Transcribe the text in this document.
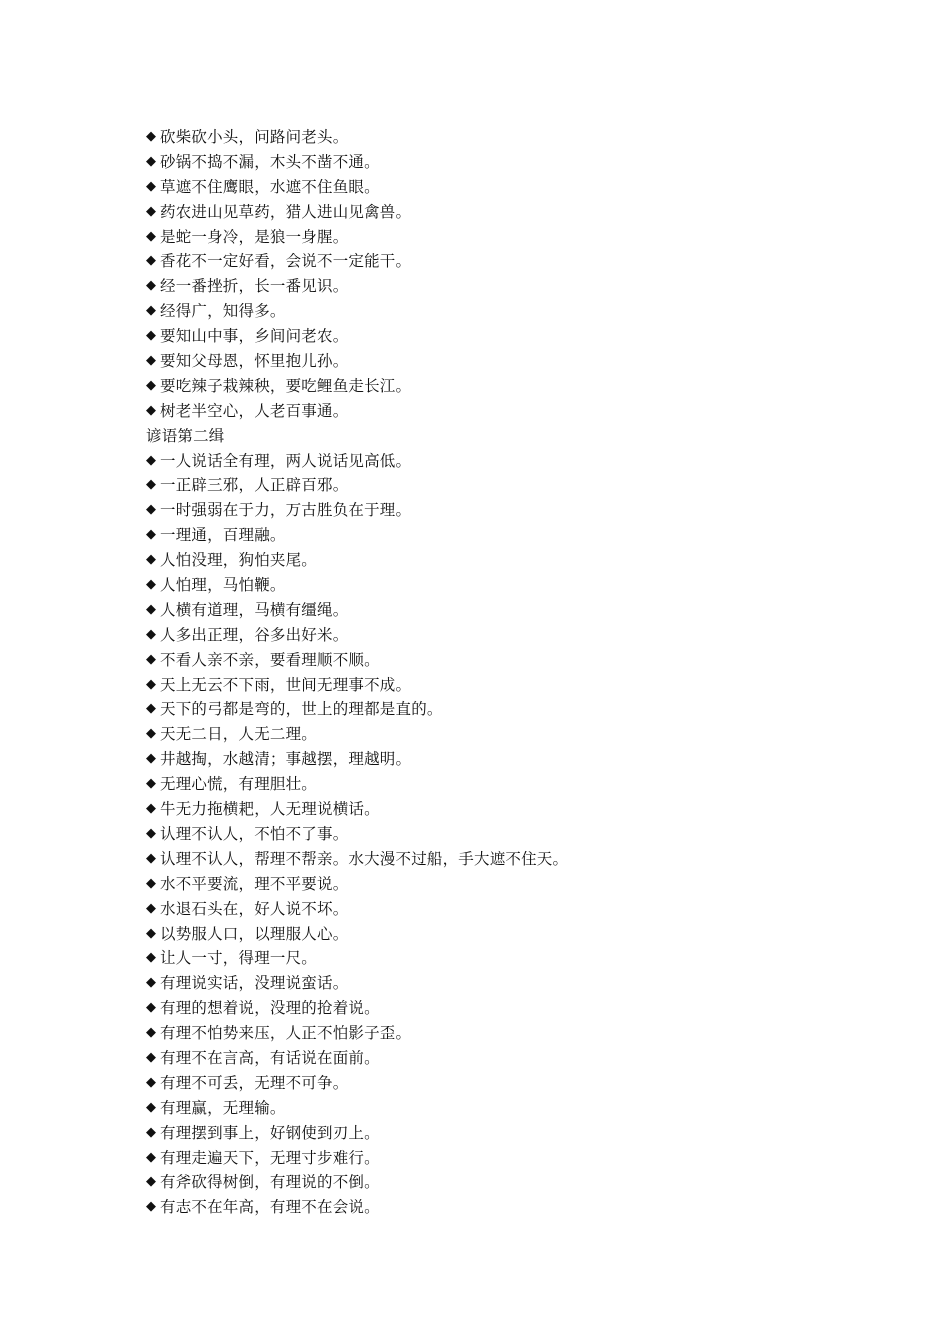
◆ 砍柴砍小头，问路问老头。
◆ 砂锅不捣不漏，木头不凿不通。
◆ 草遮不住鹰眼，水遮不住鱼眼。
◆ 药农进山见草药，猎人进山见禽兽。
◆ 是蛇一身冷，是狼一身腥。
◆ 香花不一定好看，会说不一定能干。
◆ 经一番挫折，长一番见识。
◆ 经得广，知得多。
◆ 要知山中事，乡间问老农。
◆ 要知父母恩，怀里抱儿孙。
◆ 要吃辣子栽辣秧，要吃鲤鱼走长江。
◆ 树老半空心，人老百事通。
谚语第二缉
◆ 一人说话全有理，两人说话见高低。
◆ 一正辟三邪，人正辟百邪。
◆ 一时强弱在于力，万古胜负在于理。
◆ 一理通，百理融。
◆ 人怕没理，狗怕夹尾。
◆ 人怕理，马怕鞭。
◆ 人横有道理，马横有缰绳。
◆ 人多出正理，谷多出好米。
◆ 不看人亲不亲，要看理顺不顺。
◆ 天上无云不下雨，世间无理事不成。
◆ 天下的弓都是弯的，世上的理都是直的。
◆ 天无二日，人无二理。
◆ 井越掏，水越清；事越摆，理越明。
◆ 无理心慌，有理胆壮。
◆ 牛无力拖横耙，人无理说横话。
◆ 认理不认人，不怕不了事。
◆ 认理不认人，帮理不帮亲。水大漫不过船，手大遮不住天。
◆ 水不平要流，理不平要说。
◆ 水退石头在，好人说不坏。
◆ 以势服人口，以理服人心。
◆ 让人一寸，得理一尺。
◆ 有理说实话，没理说蛮话。
◆ 有理的想着说，没理的抢着说。
◆ 有理不怕势来压，人正不怕影子歪。
◆ 有理不在言高，有话说在面前。
◆ 有理不可丢，无理不可争。
◆ 有理赢，无理输。
◆ 有理摆到事上，好钢使到刃上。
◆ 有理走遍天下，无理寸步难行。
◆ 有斧砍得树倒，有理说的不倒。
◆ 有志不在年高，有理不在会说。
